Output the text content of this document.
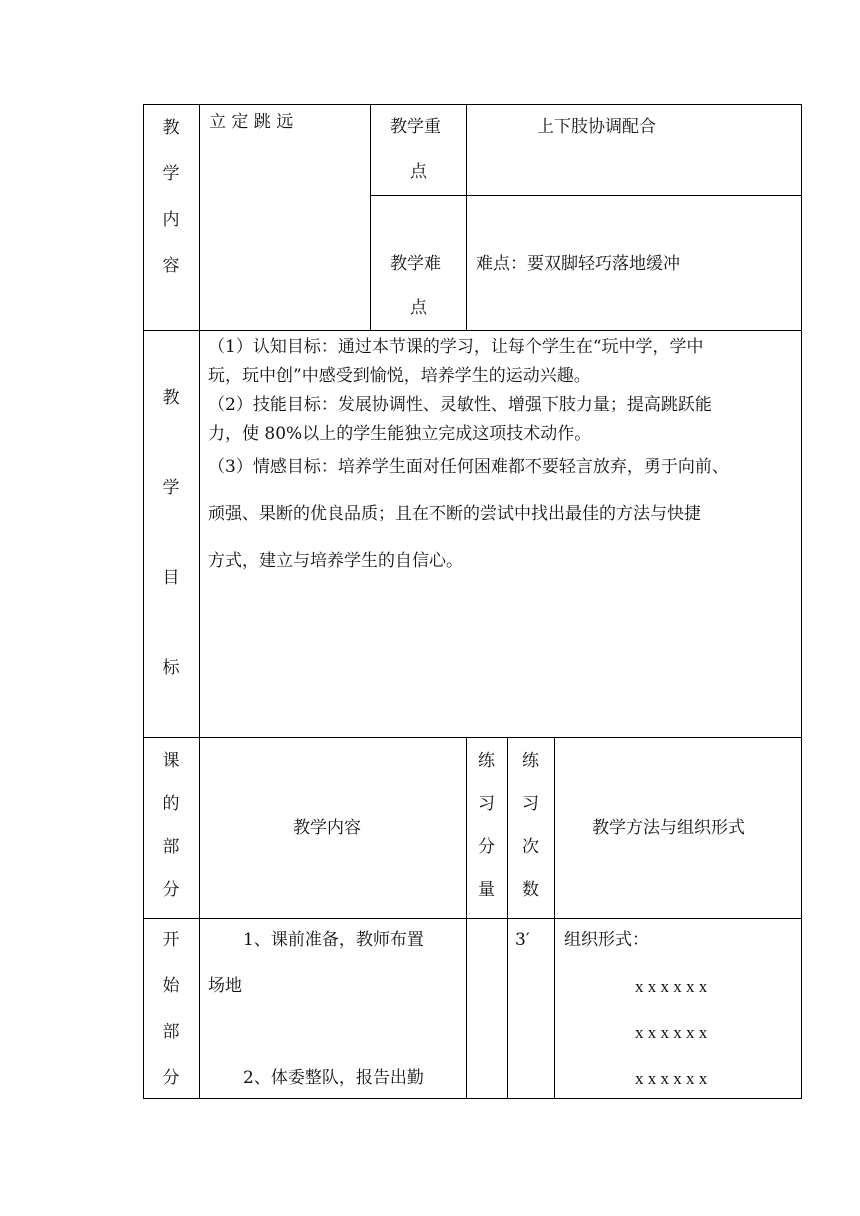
教
学
内
容
立 定 跳 远	教学重
点
上下肢协调配合
教学难
点
难点：要双脚轻巧落地缓冲
教
学
目
标
（1）认知目标：通过本节课的学习，让每个学生在“玩中学，学中
玩，玩中创”中感受到愉悦，培养学生的运动兴趣。
（2）技能目标：发展协调性、灵敏性、增强下肢力量；提高跳跃能
力，使 80%以上的学生能独立完成这项技术动作。
（3）情感目标：培养学生面对任何困难都不要轻言放弃，勇于向前、
顽强、果断的优良品质；且在不断的尝试中找出最佳的方法与快捷
方式，建立与培养学生的自信心。
课
的
部
分
教学内容
练
习
分
量
练
习
次
数
教学方法与组织形式
开
始
部
分
1、课前准备，教师布置
场地
2、体委整队，报告出勤
3′ 组织形式：
x x x x x x
x x x x x x
x x x x x x
